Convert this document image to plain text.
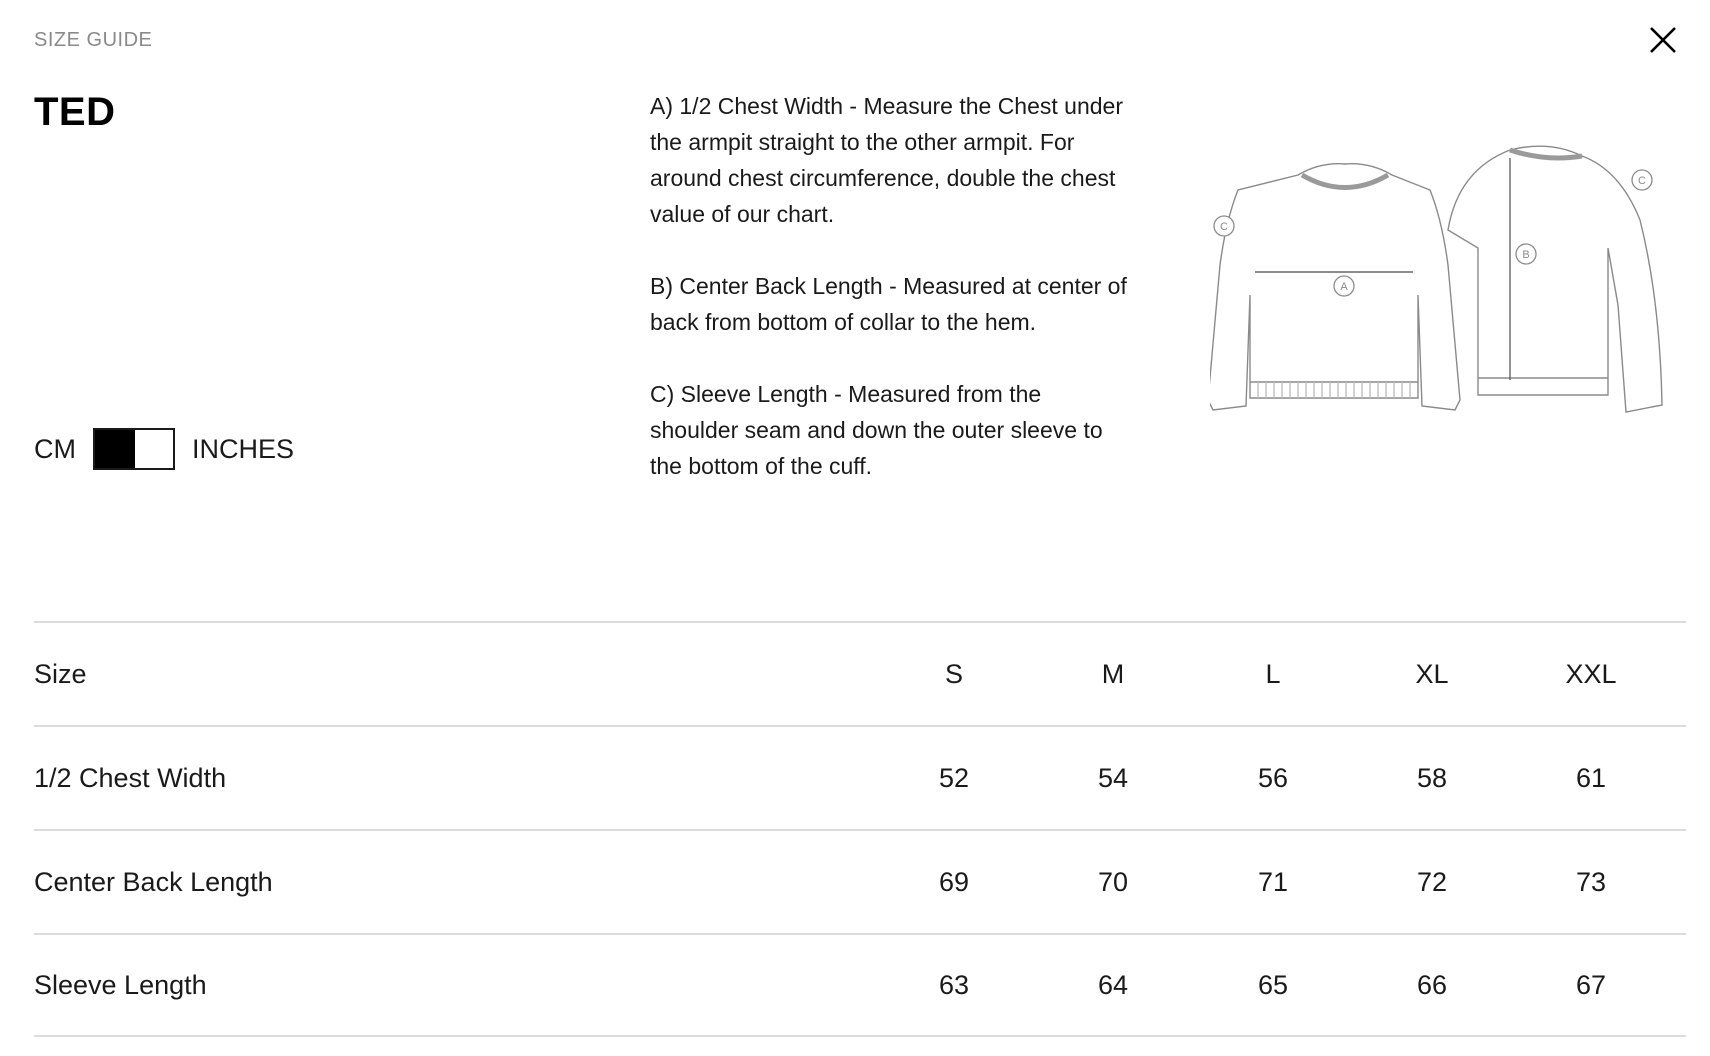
SIZE GUIDE
TED
CM	INCHES

A) 1/2 Chest Width - Measure the Chest under the armpit straight to the other armpit. For around chest circumference, double the chest value of our chart.

B) Center Back Length - Measured at center of back from bottom of collar to the hem.

C) Sleeve Length - Measured from the shoulder seam and down the outer sleeve to the bottom of the cuff.

A
C
B
C
Size	S	M	L	XL	XXL
1/2 Chest Width	52	54	56	58	61
Center Back Length	69	70	71	72	73
Sleeve Length	63	64	65	66	67
